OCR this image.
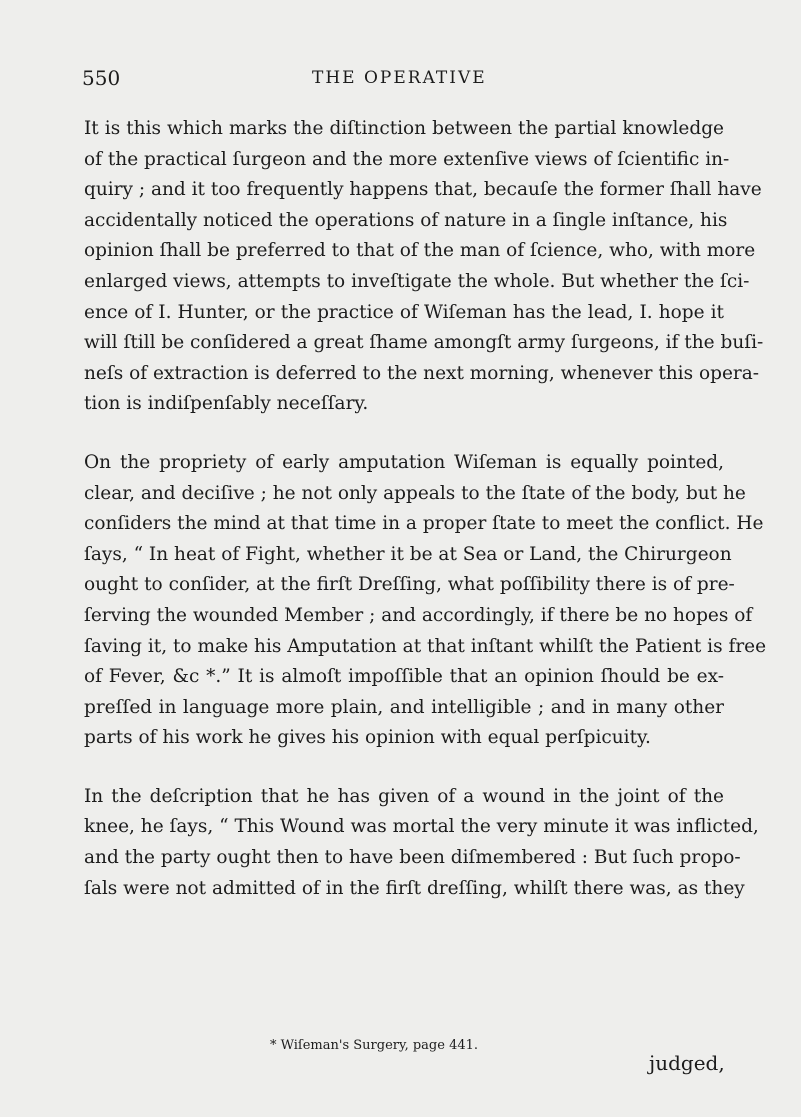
550	THE OPERATIVE

It is this which marks the diſtinction between the partial knowledge
of the practical ſurgeon and the more extenſive views of ſcientific in-
quiry ; and it too frequently happens that, becauſe the former ſhall have
accidentally noticed the operations of nature in a ſingle inſtance, his
opinion ſhall be preferred to that of the man of ſcience, who, with more
enlarged views, attempts to inveſtigate the whole. But whether the ſci-
ence of I. Hunter, or the practice of Wiſeman has the lead, I. hope it
will ſtill be conſidered a great ſhame amongſt army ſurgeons, if the buſi-
neſs of extraction is deferred to the next morning, whenever this opera-
tion is indiſpenſably neceſſary.

On the propriety of early amputation Wiſeman is equally pointed,
clear, and deciſive ; he not only appeals to the ſtate of the body, but he
conſiders the mind at that time in a proper ſtate to meet the conflict. He
ſays, “ In heat of Fight, whether it be at Sea or Land, the Chirurgeon
ought to conſider, at the firſt Dreſſing, what poſſibility there is of pre-
ſerving the wounded Member ; and accordingly, if there be no hopes of
ſaving it, to make his Amputation at that inſtant whilſt the Patient is free
of Fever, &c *.” It is almoſt impoſſible that an opinion ſhould be ex-
preſſed in language more plain, and intelligible ; and in many other
parts of his work he gives his opinion with equal perſpicuity.

In the deſcription that he has given of a wound in the joint of the
knee, he ſays, “ This Wound was mortal the very minute it was inflicted,
and the party ought then to have been diſmembered : But ſuch propo-
ſals were not admitted of in the firſt dreſſing, whilſt there was, as they

* Wiſeman's Surgery, page 441.
judged,
